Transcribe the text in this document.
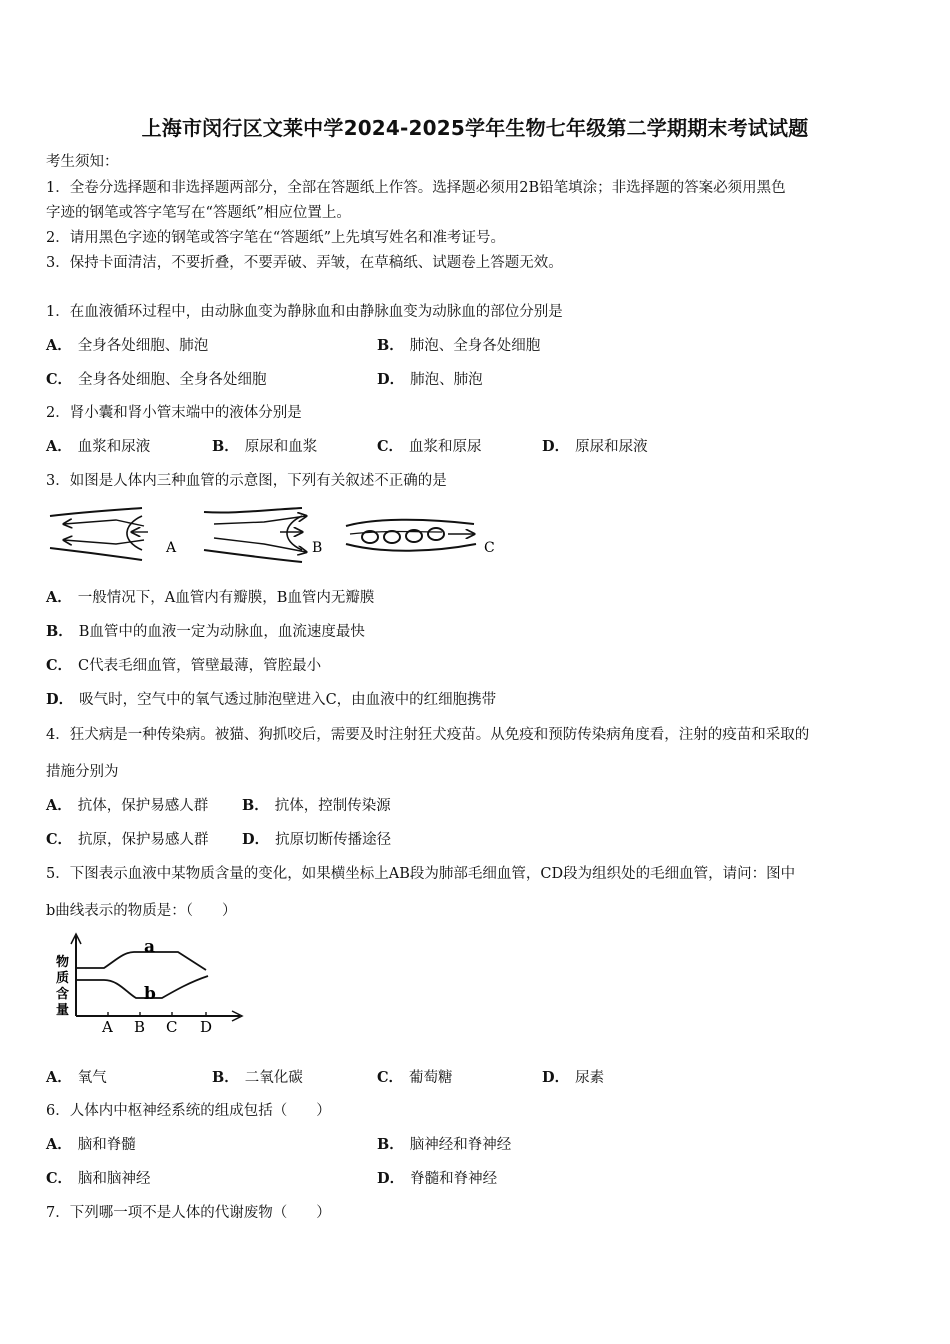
上海市闵行区文莱中学2024-2025学年生物七年级第二学期期末考试试题
考生须知：
1．全卷分选择题和非选择题两部分，全部在答题纸上作答。选择题必须用2B铅笔填涂；非选择题的答案必须用黑色
字迹的钢笔或答字笔写在“答题纸”相应位置上。
2．请用黑色字迹的钢笔或答字笔在“答题纸”上先填写姓名和准考证号。
3．保持卡面清洁，不要折叠，不要弄破、弄皱，在草稿纸、试题卷上答题无效。
1．在血液循环过程中，由动脉血变为静脉血和由静脉血变为动脉血的部位分别是
A． 全身各处细胞、肺泡	B． 肺泡、全身各处细胞
C． 全身各处细胞、全身各处细胞	D． 肺泡、肺泡
2．肾小囊和肾小管末端中的液体分别是
A． 血浆和尿液	B． 原尿和血浆	C． 血浆和原尿	D． 原尿和尿液
3．如图是人体内三种血管的示意图，下列有关叙述不正确的是
A	B	C
A． 一般情况下，A血管内有瓣膜，B血管内无瓣膜
B． B血管中的血液一定为动脉血，血流速度最快
C． C代表毛细血管，管壁最薄，管腔最小
D． 吸气时，空气中的氧气透过肺泡壁进入C，由血液中的红细胞携带
4．狂犬病是一种传染病。被猫、狗抓咬后，需要及时注射狂犬疫苗。从免疫和预防传染病角度看，注射的疫苗和采取的
措施分别为
A． 抗体，保护易感人群 B． 抗体，控制传染源
C． 抗原，保护易感人群 D． 抗原切断传播途径
5．下图表示血液中某物质含量的变化，如果横坐标上AB段为肺部毛细血管，CD段为组织处的毛细血管，请问：图中
b曲线表示的物质是：（　　）
物
质
含
量
a
b
A B C D
A． 氧气	B． 二氧化碳	C． 葡萄糖	D． 尿素
6．人体内中枢神经系统的组成包括（　　）
A． 脑和脊髓	B． 脑神经和脊神经
C． 脑和脑神经	D． 脊髓和脊神经
7．下列哪一项不是人体的代谢废物（　　）
